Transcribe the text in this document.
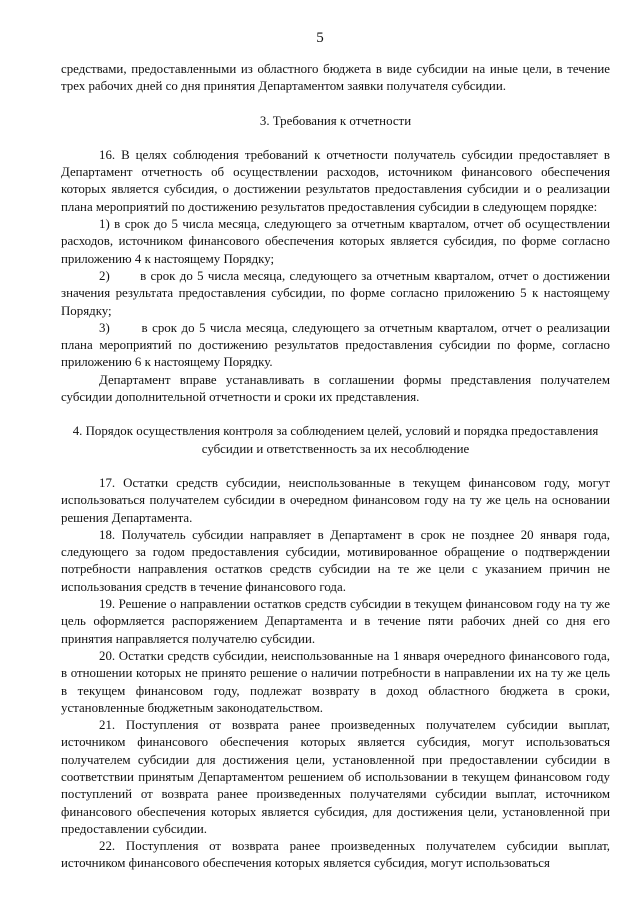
5

средствами, предоставленными из областного бюджета в виде субсидии на иные цели, в течение трех рабочих дней со дня принятия Департаментом заявки получателя субсидии.

3. Требования к отчетности

16. В целях соблюдения требований к отчетности получатель субсидии предоставляет в Департамент отчетность об осуществлении расходов, источником финансового обеспечения которых является субсидия, о достижении результатов предоставления субсидии и о реализации плана мероприятий по достижению результатов предоставления субсидии в следующем порядке:

1) в срок до 5 числа месяца, следующего за отчетным кварталом, отчет об осуществлении расходов, источником финансового обеспечения которых является субсидия, по форме согласно приложению 4 к настоящему Порядку;

2)       в срок до 5 числа месяца, следующего за отчетным кварталом, отчет о достижении значения результата предоставления субсидии, по форме согласно приложению 5 к настоящему Порядку;

3)       в срок до 5 числа месяца, следующего за отчетным кварталом, отчет о реализации плана мероприятий по достижению результатов предоставления субсидии по форме, согласно приложению 6 к настоящему Порядку.

Департамент вправе устанавливать в соглашении формы представления получателем субсидии дополнительной отчетности и сроки их представления.

4. Порядок осуществления контроля за соблюдением целей, условий и порядка предоставления субсидии и ответственность за их несоблюдение

17. Остатки средств субсидии, неиспользованные в текущем финансовом году, могут использоваться получателем субсидии в очередном финансовом году на ту же цель на основании решения Департамента.

18. Получатель субсидии направляет в Департамент в срок не позднее 20 января года, следующего за годом предоставления субсидии, мотивированное обращение о подтверждении потребности направления остатков средств субсидии на те же цели с указанием причин не использования средств в течение финансового года.

19. Решение о направлении остатков средств субсидии в текущем финансовом году на ту же цель оформляется распоряжением Департамента и в течение пяти рабочих дней со дня его принятия направляется получателю субсидии.

20. Остатки средств субсидии, неиспользованные на 1 января очередного финансового года, в отношении которых не принято решение о наличии потребности в направлении их на ту же цель в текущем финансовом году, подлежат возврату в доход областного бюджета в сроки, установленные бюджетным законодательством.

21. Поступления от возврата ранее произведенных получателем субсидии выплат, источником финансового обеспечения которых является субсидия, могут использоваться получателем субсидии для достижения цели, установленной при предоставлении субсидии в соответствии принятым Департаментом решением об использовании в текущем финансовом году поступлений от возврата ранее произведенных получателями субсидии выплат, источником финансового обеспечения которых является субсидия, для достижения цели, установленной при предоставлении субсидии.

22. Поступления от возврата ранее произведенных получателем субсидии выплат, источником финансового обеспечения которых является субсидия, могут использоваться
